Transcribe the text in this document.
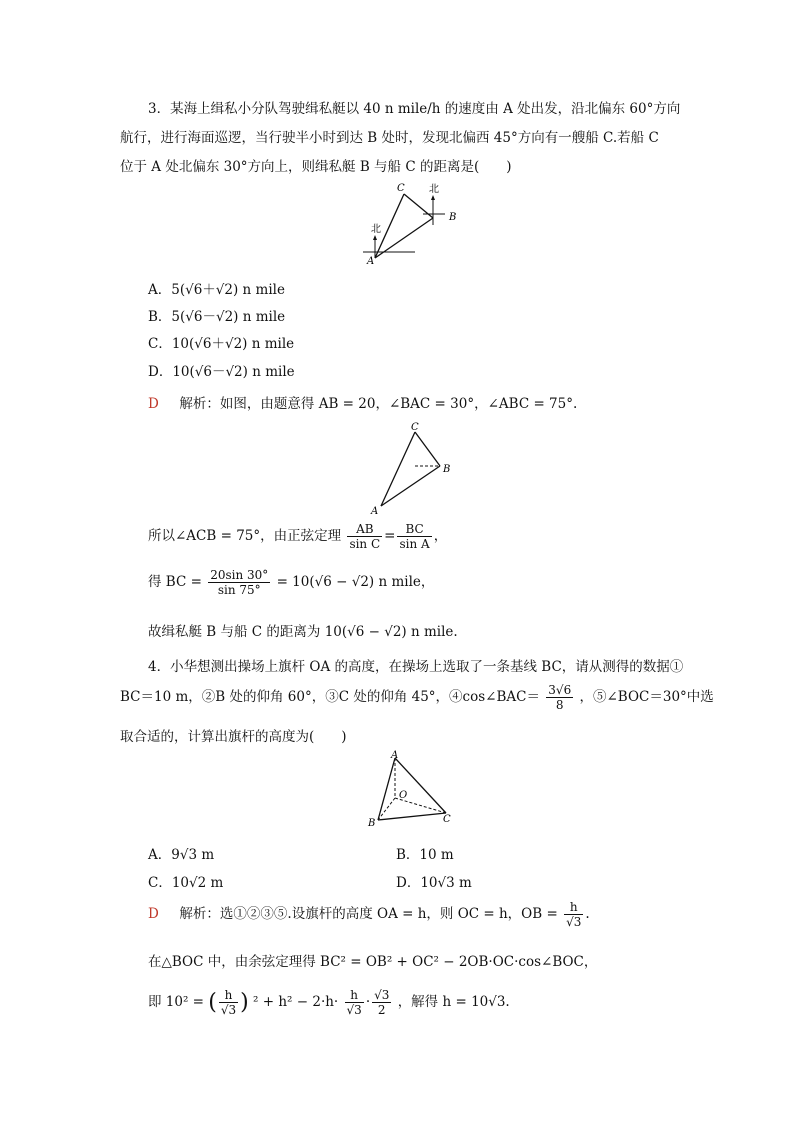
3．某海上缉私小分队驾驶缉私艇以 40 n mile/h 的速度由 A 处出发，沿北偏东 60°方向
航行，进行海面巡逻，当行驶半小时到达 B 处时，发现北偏西 45°方向有一艘船 C.若船 C
位于 A 处北偏东 30°方向上，则缉私艇 B 与船 C 的距离是(　　)
C
B
A
北
北
A．5(√6＋√2) n mile
B．5(√6－√2) n mile
C．10(√6＋√2) n mile
D．10(√6－√2) n mile
D 解析：如图，由题意得 AB = 20，∠BAC = 30°，∠ABC = 75°.
C
B
A
所以∠ACB = 75°，由正弦定理 $\frac{AB}{\text{sin C}} = \frac{BC}{\text{sin A}}$ ，
得 BC = $\frac{20\sin 30^\circ}{\sin 75^\circ} = 10(√6 - √2)$ n mile，
故缉私艇 B 与船 C 的距离为 10(√6 − √2) n mile.
4．小华想测出操场上旗杆 OA 的高度，在操场上选取了一条基线 BC，请从测得的数据①
BC＝10 m，②B 处的仰角 60°，③C 处的仰角 45°，④cos∠BAC＝ $\frac{3√6}{8}$ ，⑤∠BOC＝30°中选
取合适的，计算出旗杆的高度为(　　)
A
O
B	C
A．9√3 m	B．10 m
C．10√2 m	D．10√3 m
D 解析：选①②③⑤.设旗杆的高度 OA = h，则 OC = h，OB = $\frac{h}{√3}$ .
在△BOC 中，由余弦定理得 BC² = OB² + OC² − 2OB·OC·cos∠BOC，
即 10² = ( $\frac{h}{√3}$ ) $^2 + h^2 - 2\cdot h\cdot \frac{h}{√3} \cdot \frac{√3}{2}$ ，解得 h = 10√3.
